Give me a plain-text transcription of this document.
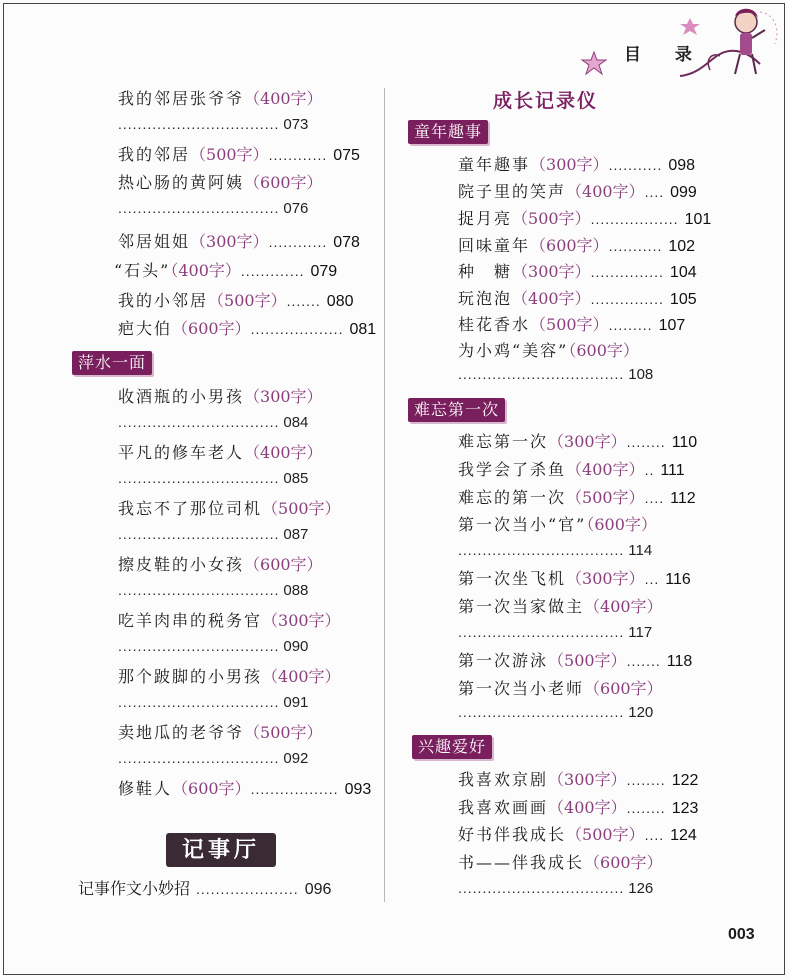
目 录
我的邻居张爷爷（400字）
................................. 073
我的邻居（500字）............ 075
热心肠的黄阿姨（600字）
................................. 076
邻居姐姐（300字）............ 078
“石头”（400字）............. 079
我的小邻居（500字）....... 080
疤大伯（600字）................... 081
萍水一面
收酒瓶的小男孩（300字）
................................. 084
平凡的修车老人（400字）
................................. 085
我忘不了那位司机（500字）
................................. 087
擦皮鞋的小女孩（600字）
................................. 088
吃羊肉串的税务官（300字）
................................. 090
那个跛脚的小男孩（400字）
................................. 091
卖地瓜的老爷爷（500字）
................................. 092
修鞋人（600字）.................. 093
记事厅
记事作文小妙招 ..................... 096
成长记录仪
童年趣事
童年趣事（300字）........... 098
院子里的笑声（400字）.... 099
捉月亮（500字）.................. 101
回味童年（600字）........... 102
种　糖（300字）............... 104
玩泡泡（400字）............... 105
桂花香水（500字）......... 107
为小鸡“美容”（600字）
.................................. 108
难忘第一次
难忘第一次（300字）........ 110
我学会了杀鱼（400字）.. 111
难忘的第一次（500字）.... 112
第一次当小“官”（600字）
.................................. 114
第一次坐飞机（300字）... 116
第一次当家做主（400字）
.................................. 117
第一次游泳（500字）....... 118
第一次当小老师（600字）
.................................. 120
兴趣爱好
我喜欢京剧（300字）........ 122
我喜欢画画（400字）........ 123
好书伴我成长（500字）.... 124
书——伴我成长（600字）
.................................. 126
003
